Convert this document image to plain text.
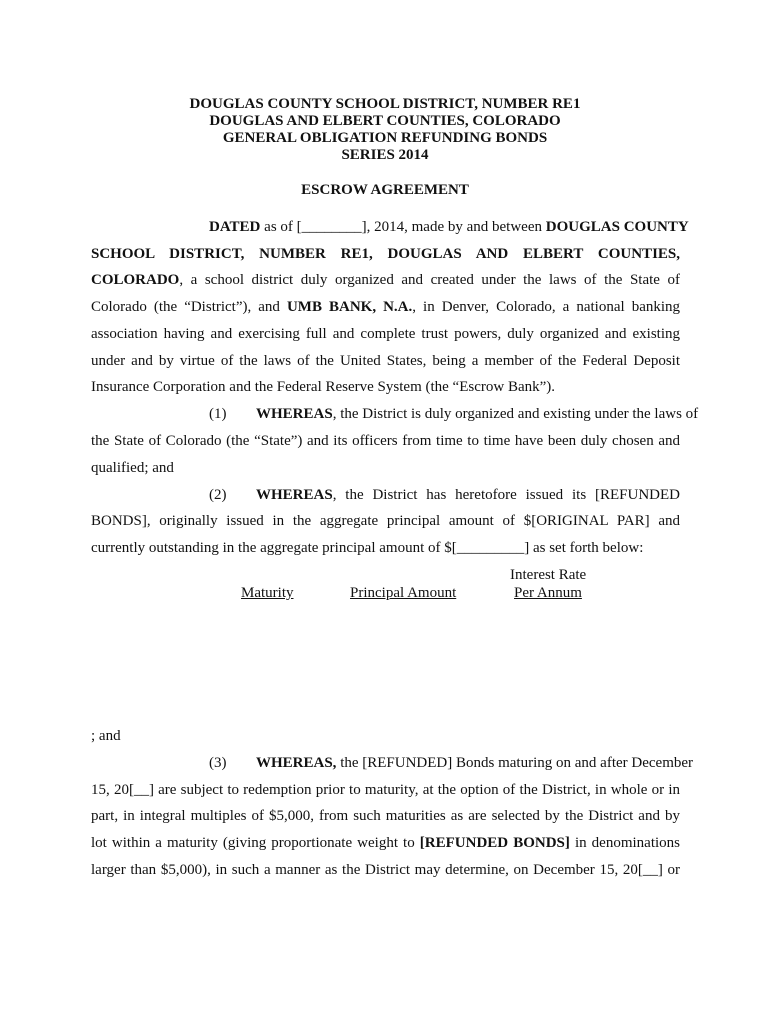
DOUGLAS COUNTY SCHOOL DISTRICT, NUMBER RE1
DOUGLAS AND ELBERT COUNTIES, COLORADO
GENERAL OBLIGATION REFUNDING BONDS
SERIES 2014
ESCROW AGREEMENT
DATED as of [________], 2014, made by and between DOUGLAS COUNTY
SCHOOL DISTRICT, NUMBER RE1, DOUGLAS AND ELBERT COUNTIES,
COLORADO, a school district duly organized and created under the laws of the State of
Colorado (the “District”), and UMB BANK, N.A., in Denver, Colorado, a national banking
association having and exercising full and complete trust powers, duly organized and existing
under and by virtue of the laws of the United States, being a member of the Federal Deposit
Insurance Corporation and the Federal Reserve System (the “Escrow Bank”).
(1) WHEREAS, the District is duly organized and existing under the laws of
the State of Colorado (the “State”) and its officers from time to time have been duly chosen and
qualified; and
(2) WHEREAS, the District has heretofore issued its [REFUNDED
BONDS], originally issued in the aggregate principal amount of $[ORIGINAL PAR] and
currently outstanding in the aggregate principal amount of $[_________] as set forth below:
Interest Rate
Maturity	Principal Amount	Per Annum
; and
(3) WHEREAS, the [REFUNDED] Bonds maturing on and after December
15, 20[__] are subject to redemption prior to maturity, at the option of the District, in whole or in
part, in integral multiples of $5,000, from such maturities as are selected by the District and by
lot within a maturity (giving proportionate weight to [REFUNDED BONDS] in denominations
larger than $5,000), in such a manner as the District may determine, on December 15, 20[__] or
